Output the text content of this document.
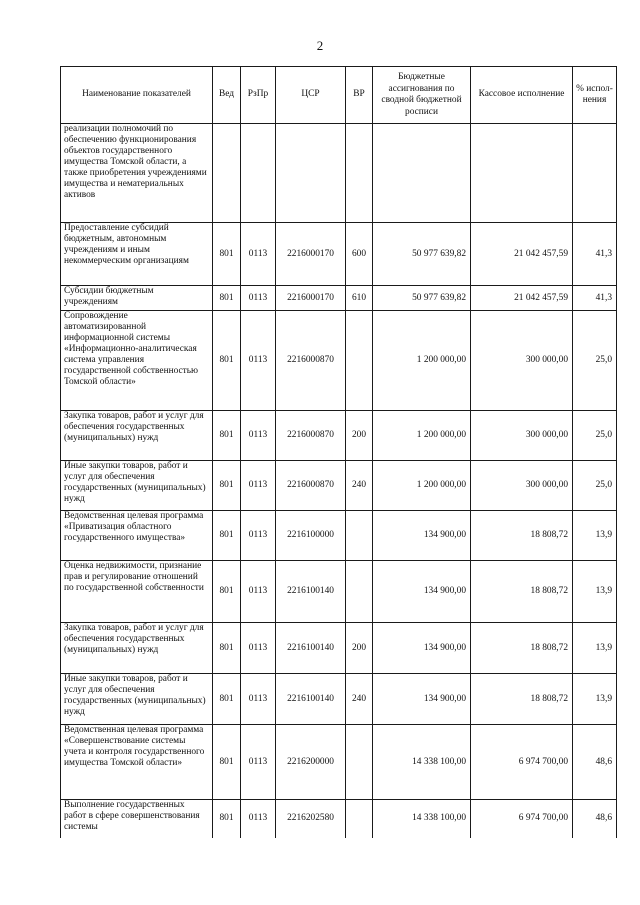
2
Наименование показателей	Вед	РзПр	ЦСР	ВР	Бюджетные ассигнования по сводной бюджетной росписи	Кассовое исполнение	% испол-нения
реализации полномочий по обеспечению функционирования объектов государственного имущества Томской области, а также приобретения учреждениями имущества и нематериальных активов							
Предоставление субсидий бюджетным, автономным учреждениям и иным некоммерческим организациям	801	0113	2216000170	600	50 977 639,82	21 042 457,59	41,3
Субсидии бюджетным учреждениям	801	0113	2216000170	610	50 977 639,82	21 042 457,59	41,3
Сопровождение автоматизированной информационной системы «Информационно-аналитическая система управления государственной собственностью Томской области»	801	0113	2216000870		1 200 000,00	300 000,00	25,0
Закупка товаров, работ и услуг для обеспечения государственных (муниципальных) нужд	801	0113	2216000870	200	1 200 000,00	300 000,00	25,0
Иные закупки товаров, работ и услуг для обеспечения государственных (муниципальных) нужд	801	0113	2216000870	240	1 200 000,00	300 000,00	25,0
Ведомственная целевая программа «Приватизация областного государственного имущества»	801	0113	2216100000		134 900,00	18 808,72	13,9
Оценка недвижимости, признание прав и регулирование отношений по государственной собственности	801	0113	2216100140		134 900,00	18 808,72	13,9
Закупка товаров, работ и услуг для обеспечения государственных (муниципальных) нужд	801	0113	2216100140	200	134 900,00	18 808,72	13,9
Иные закупки товаров, работ и услуг для обеспечения государственных (муниципальных) нужд	801	0113	2216100140	240	134 900,00	18 808,72	13,9
Ведомственная целевая программа «Совершенствование системы учета и контроля государственного имущества Томской области»	801	0113	2216200000		14 338 100,00	6 974 700,00	48,6
Выполнение государственных работ в сфере совершенствования системы	801	0113	2216202580		14 338 100,00	6 974 700,00	48,6
